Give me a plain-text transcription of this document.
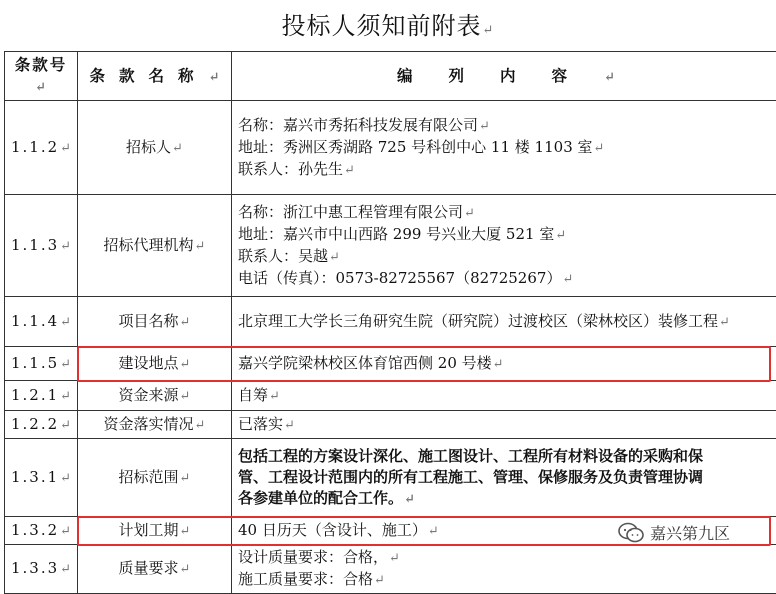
投标人须知前附表↵
条款号↵	条款名称↵	编列内容↵
1.1.2↵	招标人↵	名称：嘉兴市秀拓科技发展有限公司↵
地址：秀洲区秀湖路 725 号科创中心 11 楼 1103 室↵
联系人：孙先生↵

1.1.3↵	招标代理机构↵	名称：浙江中惠工程管理有限公司↵
地址：嘉兴市中山西路 299 号兴业大厦 521 室↵
联系人：吴越↵
电话（传真）：0573-82725567（82725267）↵

1.1.4↵	项目名称↵	北京理工大学长三角研究生院（研究院）过渡校区（梁林校区）装修工程↵

1.1.5↵	建设地点↵	嘉兴学院梁林校区体育馆西侧 20 号楼↵

1.2.1↵	资金来源↵	自筹↵

1.2.2↵	资金落实情况↵	已落实↵

1.3.1↵	招标范围↵	包括工程的方案设计深化、施工图设计、工程所有材料设备的采购和保
管、工程设计范围内的所有工程施工、管理、保修服务及负责管理协调
各参建单位的配合工作。↵

1.3.2↵	计划工期↵	40 日历天（含设计、施工）↵

1.3.3↵	质量要求↵	设计质量要求：合格，↵
施工质量要求：合格↵
嘉兴第九区
